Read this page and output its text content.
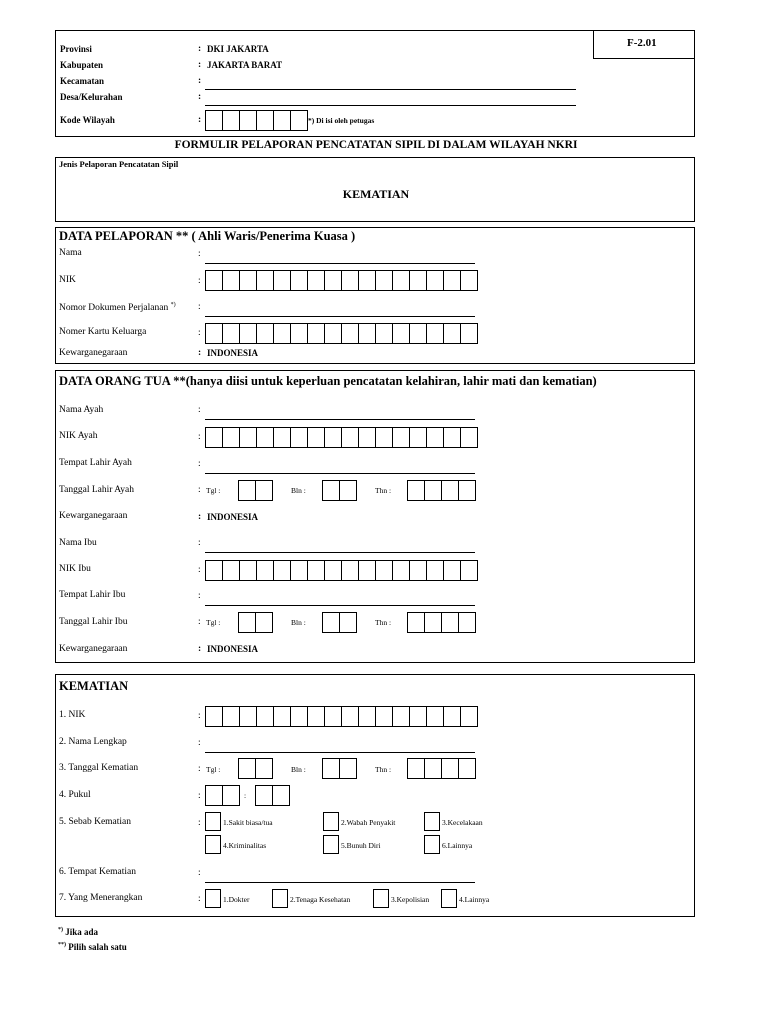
F-2.01
Provinsi	: DKI JAKARTA
Kabupaten	: JAKARTA BARAT
Kecamatan	:
Desa/Kelurahan	:
Kode Wilayah	:	*) Di isi oleh petugas
FORMULIR PELAPORAN PENCATATAN SIPIL DI DALAM WILAYAH NKRI
Jenis Pelaporan Pencatatan Sipil
KEMATIAN
DATA PELAPORAN ** ( Ahli Waris/Penerima Kuasa )
Nama	:
NIK	:
Nomor Dokumen Perjalanan *) :
Nomer Kartu Keluarga	:
Kewarganegaraan	: INDONESIA
DATA ORANG TUA **(hanya diisi untuk keperluan pencatatan kelahiran, lahir mati dan kematian)
Nama Ayah	:
NIK Ayah	:
Tempat Lahir Ayah	:
Tanggal Lahir Ayah	: Tgl :	Bln :	Thn :
Kewarganegaraan	: INDONESIA
Nama Ibu	:
NIK Ibu	:
Tempat Lahir Ibu	:
Tanggal Lahir Ibu	: Tgl :	Bln :	Thn :
Kewarganegaraan	: INDONESIA
KEMATIAN
1. NIK	:
2. Nama Lengkap	:
3. Tanggal Kematian	: Tgl :	Bln :	Thn :
4. Pukul	:	:
5. Sebab Kematian	:	1.Sakit biasa/tua	2.Wabah Penyakit	3.Kecelakaan
4.Kriminalitas	5.Bunuh Diri	6.Lainnya
6. Tempat Kematian	:
7. Yang Menerangkan	:	1.Dokter	2.Tenaga Kesehatan	3.Kepolisian	4.Lainnya
*) Jika ada
**) Pilih salah satu
